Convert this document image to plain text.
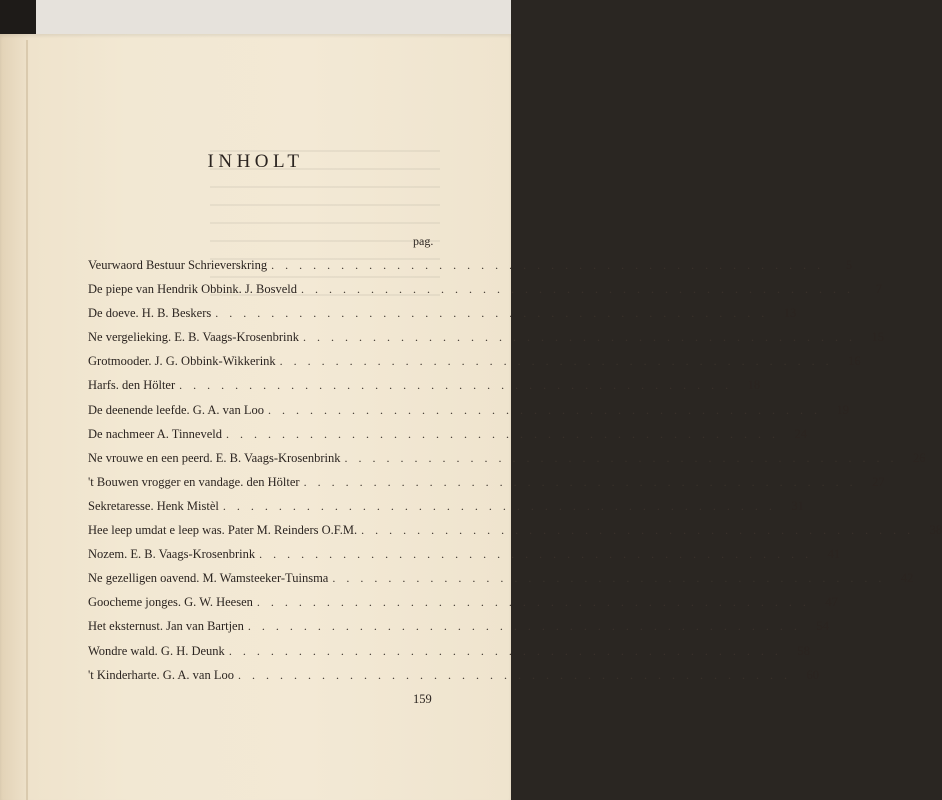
INHOLT
pag.
Veurwaord Bestuur Schrieverskring . . . . . . . . . . . . . . . . . . . . . . . . . . . . . . . . . . . . . . . .	5
De piepe van Hendrik Obbink. J. Bosveld . . . . . . . . . . . . . . . . . . . . . . . . . . . . . . . . . . . . . . . .	7
De doeve. H. B. Beskers . . . . . . . . . . . . . . . . . . . . . . . . . . . . . . . . . . . . . . . .	13
Ne vergelieking. E. B. Vaags-Krosenbrink . . . . . . . . . . . . . . . . . . . . . . . . . . . . . . . . . . . . . . . .	15
Grotmooder. J. G. Obbink-Wikkerink . . . . . . . . . . . . . . . . . . . . . . . . . . . . . . . . . . . . . . . .	16
Harfs. den Hölter . . . . . . . . . . . . . . . . . . . . . . . . . . . . . . . . . . . . . . . .	18
De deenende leefde. G. A. van Loo . . . . . . . . . . . . . . . . . . . . . . . . . . . . . . . . . . . . . . . .	19
De nachmeer A. Tinneveld . . . . . . . . . . . . . . . . . . . . . . . . . . . . . . . . . . . . . . . .	24
Ne vrouwe en een peerd. E. B. Vaags-Krosenbrink . . . . . . . . . . . . . . . . . . . . . . . . . . . . . . . . . . . . . . . .	26
't Bouwen vrogger en vandage. den Hölter . . . . . . . . . . . . . . . . . . . . . . . . . . . . . . . . . . . . . . . .	27
Sekretaresse. Henk Mistèl . . . . . . . . . . . . . . . . . . . . . . . . . . . . . . . . . . . . . . . .	31
Hee leep umdat e leep was. Pater M. Reinders O.F.M. . . . . . . . . . . . . . . . . . . . . . . . . . . . . . . . . . . . . . . . .	38
Nozem. E. B. Vaags-Krosenbrink . . . . . . . . . . . . . . . . . . . . . . . . . . . . . . . . . . . . . . . .	41
Ne gezelligen oavend. M. Wamsteeker-Tuinsma . . . . . . . . . . . . . . . . . . . . . . . . . . . . . . . . . . . . . . . .	42
Goocheme jonges. G. W. Heesen . . . . . . . . . . . . . . . . . . . . . . . . . . . . . . . . . . . . . . . .	47
Het eksternust. Jan van Bartjen . . . . . . . . . . . . . . . . . . . . . . . . . . . . . . . . . . . . . . . .	54
Wondre wald. G. H. Deunk . . . . . . . . . . . . . . . . . . . . . . . . . . . . . . . . . . . . . . . .	58
't Kinderharte. G. A. van Loo . . . . . . . . . . . . . . . . . . . . . . . . . . . . . . . . . . . . . . . .	60
159
